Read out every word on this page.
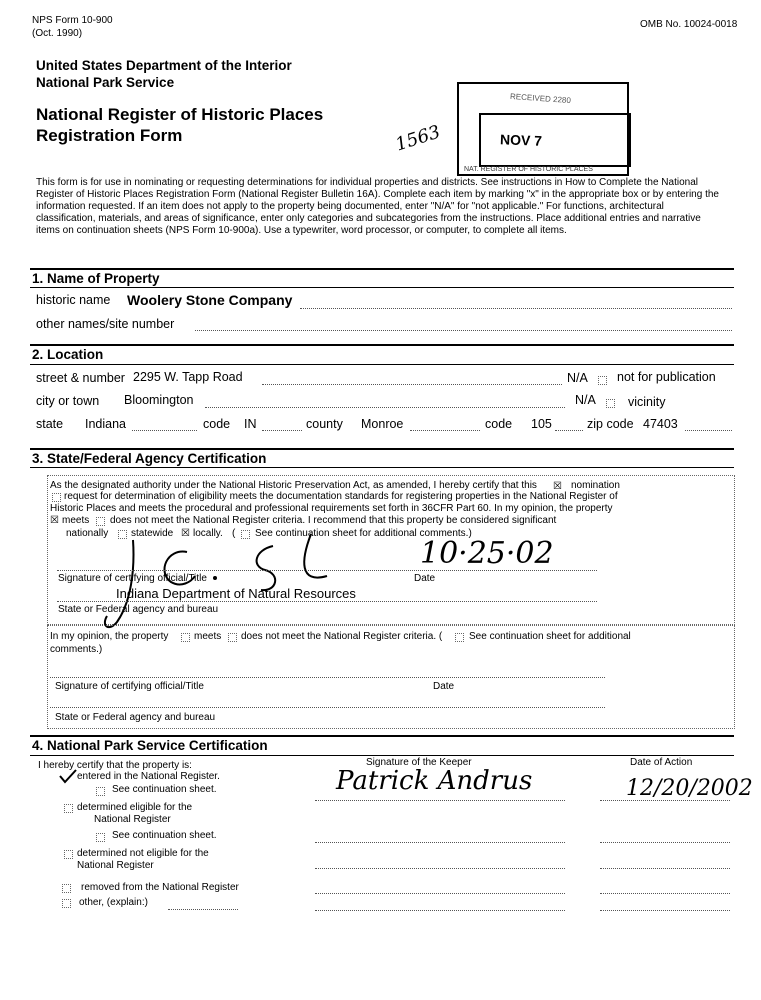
NPS Form 10-900
(Oct. 1990)
OMB No. 10024-0018
United States Department of the Interior
National Park Service
National Register of Historic Places
Registration Form
RECEIVED 2280
NOV 7
NAT. REGISTER OF HISTORIC PLACES
1563
This form is for use in nominating or requesting determinations for individual properties and districts. See instructions in How to Complete the National Register of Historic Places Registration Form (National Register Bulletin 16A). Complete each item by marking "x" in the appropriate box or by entering the information requested. If an item does not apply to the property being documented, enter "N/A" for "not applicable." For functions, architectural classification, materials, and areas of significance, enter only categories and subcategories from the instructions. Place additional entries and narrative items on continuation sheets (NPS Form 10-900a). Use a typewriter, word processor, or computer, to complete all items.
1. Name of Property
historic name Woolery Stone Company
other names/site number
2. Location
street & number 2295 W. Tapp Road	N/A not for publication
city or town Bloomington	N/A	vicinity
state Indiana	code IN	county Monroe	code 105	zip code 47403
3. State/Federal Agency Certification
As the designated authority under the National Historic Preservation Act, as amended, I hereby certify that this ☒ nomination
request for determination of eligibility meets the documentation standards for registering properties in the National Register of
Historic Places and meets the procedural and professional requirements set forth in 36CFR Part 60. In my opinion, the property
☒ meets does not meet the National Register criteria. I recommend that this property be considered significant
nationally statewide ☒ locally. ( See continuation sheet for additional comments.)
10·25·02
Signature of certifying official/Title	Date
Indiana Department of Natural Resources
State or Federal agency and bureau
In my opinion, the property	meets does not meet the National Register criteria. (	See continuation sheet for additional
comments.)
Signature of certifying official/Title	Date
State or Federal agency and bureau
4. National Park Service Certification
I hereby certify that the property is:	Signature of the Keeper	Date of Action
Patrick Andrus	12/20/2002
entered in the National Register.
See continuation sheet.
determined eligible for the
National Register
See continuation sheet.
determined not eligible for the
National Register
removed from the National Register
other, (explain:)
